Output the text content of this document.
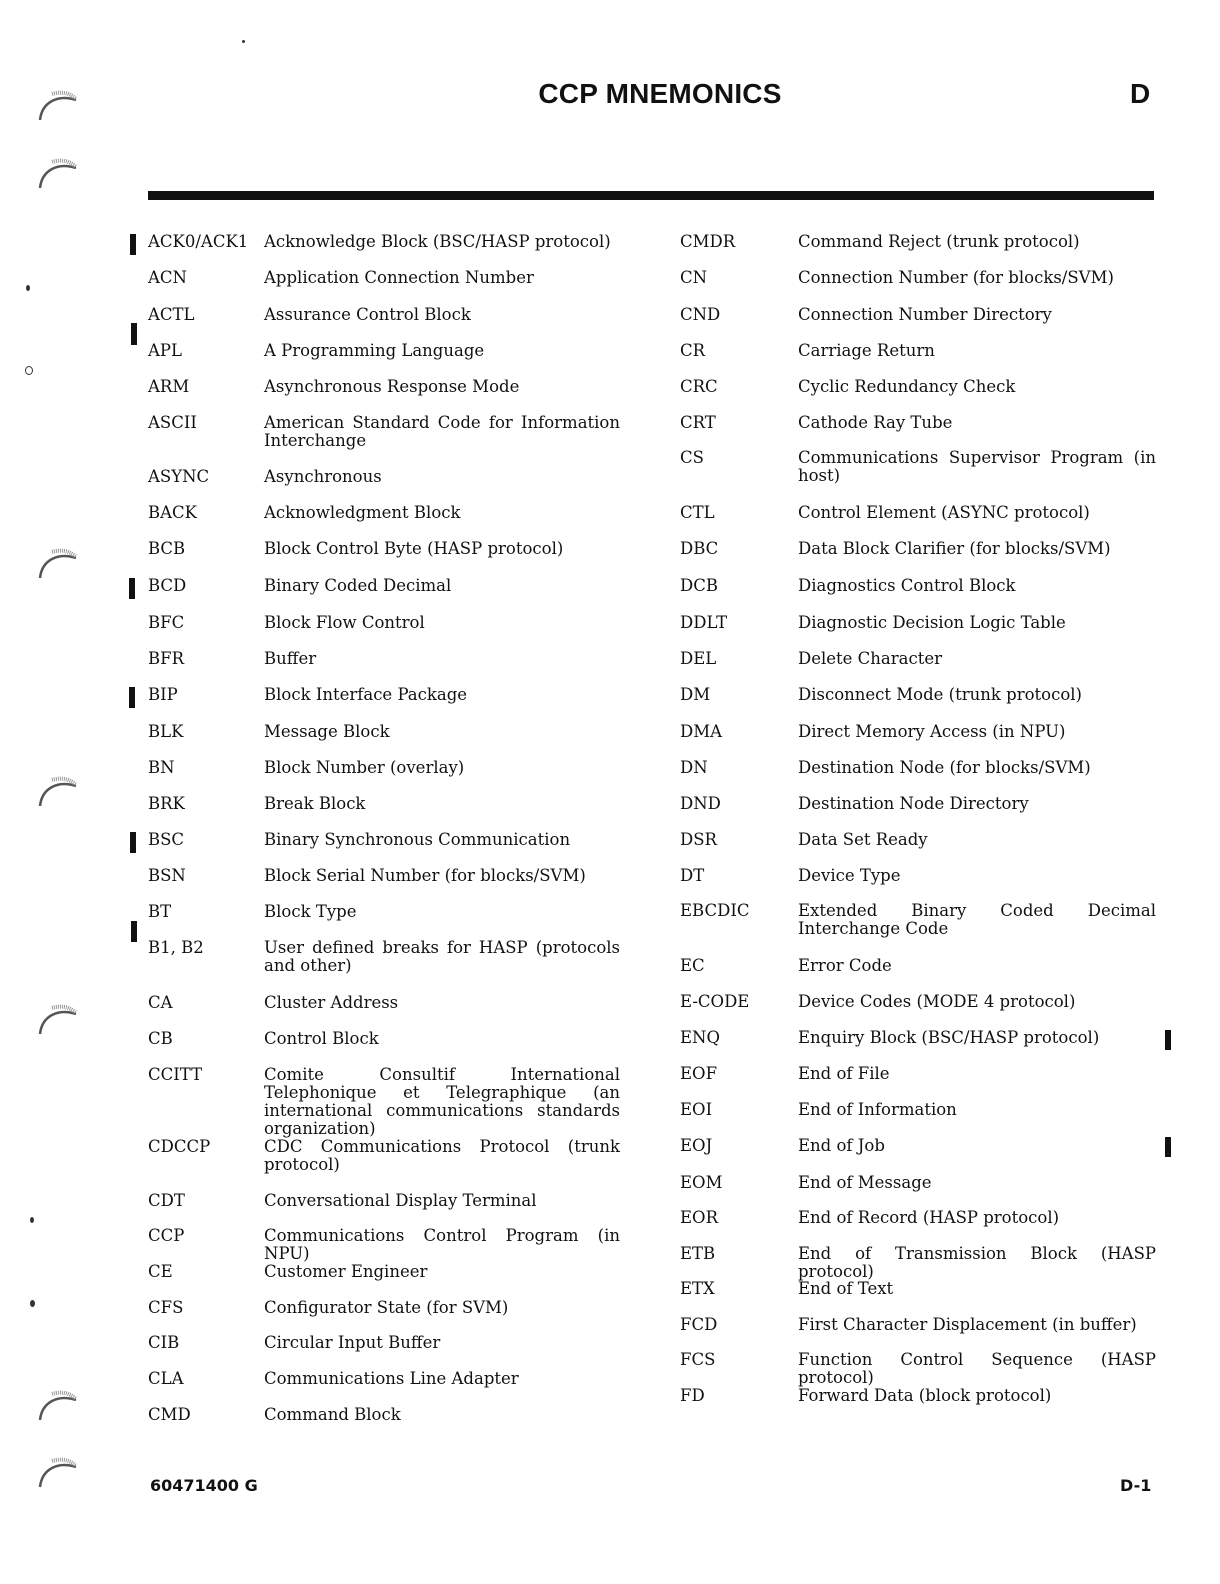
CCP MNEMONICS	D
ACK0/ACK1 Acknowledge Block (BSC/HASP protocol)
ACN	Application Connection Number
ACTL	Assurance Control Block
APL	A Programming Language
ARM	Asynchronous Response Mode
ASCII	American Standard Code for Information Interchange
ASYNC	Asynchronous
BACK	Acknowledgment Block
BCB	Block Control Byte (HASP protocol)
BCD	Binary Coded Decimal
BFC	Block Flow Control
BFR	Buffer
BIP	Block Interface Package
BLK	Message Block
BN	Block Number (overlay)
BRK	Break Block
BSC	Binary Synchronous Communication
BSN	Block Serial Number (for blocks/SVM)
BT	Block Type
B1, B2	User defined breaks for HASP (protocols and other)
CA	Cluster Address
CB	Control Block
CCITT	Comite Consultif International Telephonique et Telegraphique (an international communications standards organization)
CDCCP	CDC Communications Protocol (trunk protocol)
CDT	Conversational Display Terminal
CCP	Communications Control Program (in NPU)
CE	Customer Engineer
CFS	Configurator State (for SVM)
CIB	Circular Input Buffer
CLA	Communications Line Adapter
CMD	Command Block
CMDR	Command Reject (trunk protocol)
CN	Connection Number (for blocks/SVM)
CND	Connection Number Directory
CR	Carriage Return
CRC	Cyclic Redundancy Check
CRT	Cathode Ray Tube
CS	Communications Supervisor Program (in host)
CTL	Control Element (ASYNC protocol)
DBC	Data Block Clarifier (for blocks/SVM)
DCB	Diagnostics Control Block
DDLT	Diagnostic Decision Logic Table
DEL	Delete Character
DM	Disconnect Mode (trunk protocol)
DMA	Direct Memory Access (in NPU)
DN	Destination Node (for blocks/SVM)
DND	Destination Node Directory
DSR	Data Set Ready
DT	Device Type
EBCDIC	Extended Binary Coded Decimal Interchange Code
EC	Error Code
E-CODE	Device Codes (MODE 4 protocol)
ENQ	Enquiry Block (BSC/HASP protocol)
EOF	End of File
EOI	End of Information
EOJ	End of Job
EOM	End of Message
EOR	End of Record (HASP protocol)
ETB	End of Transmission Block (HASP protocol)
ETX	End of Text
FCD	First Character Displacement (in buffer)
FCS	Function Control Sequence (HASP protocol)
FD	Forward Data (block protocol)
60471400 G	D-1
